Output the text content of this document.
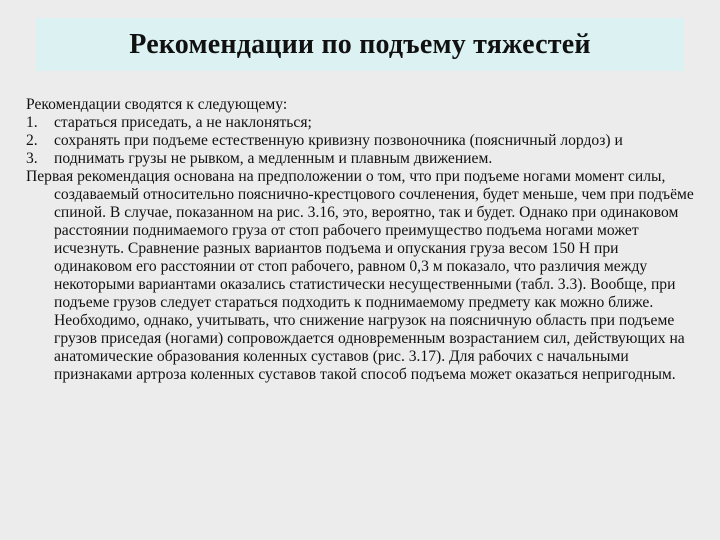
Рекомендации по подъему тяжестей

Рекомендации сводятся к следующему:

1.	стараться приседать, а не наклоняться;
2.	сохранять при подъеме естественную кривизну позвоночника (поясничный лордоз) и
3.	поднимать грузы не рывком, а медленным и плавным движением.

Первая рекомендация основана на предположении о том, что при подъеме ногами момент силы, создаваемый относительно пояснично-крестцового сочленения, будет меньше, чем при подъёме спиной. В случае, показанном на рис. 3.16, это, вероятно, так и будет. Однако при одинаковом расстоянии поднимаемого груза от стоп рабочего преимущество подъема ногами может исчезнуть. Сравнение разных вариантов подъема и опускания груза весом 150 Н при одинаковом его расстоянии от стоп рабочего, равном 0,3 м показало, что различия между некоторыми вариантами оказались статистически несущественными (табл. 3.3). Вообще, при подъеме грузов следует стараться подходить к поднимаемому предмету как можно ближе. Необходимо, однако, учитывать, что снижение нагрузок на поясничную область при подъеме грузов приседая (ногами) сопровождается одновременным возрастанием сил, действующих на анатомические образования коленных суставов (рис. 3.17). Для рабочих с начальными признаками артроза коленных суставов такой способ подъема может оказаться непригодным.
